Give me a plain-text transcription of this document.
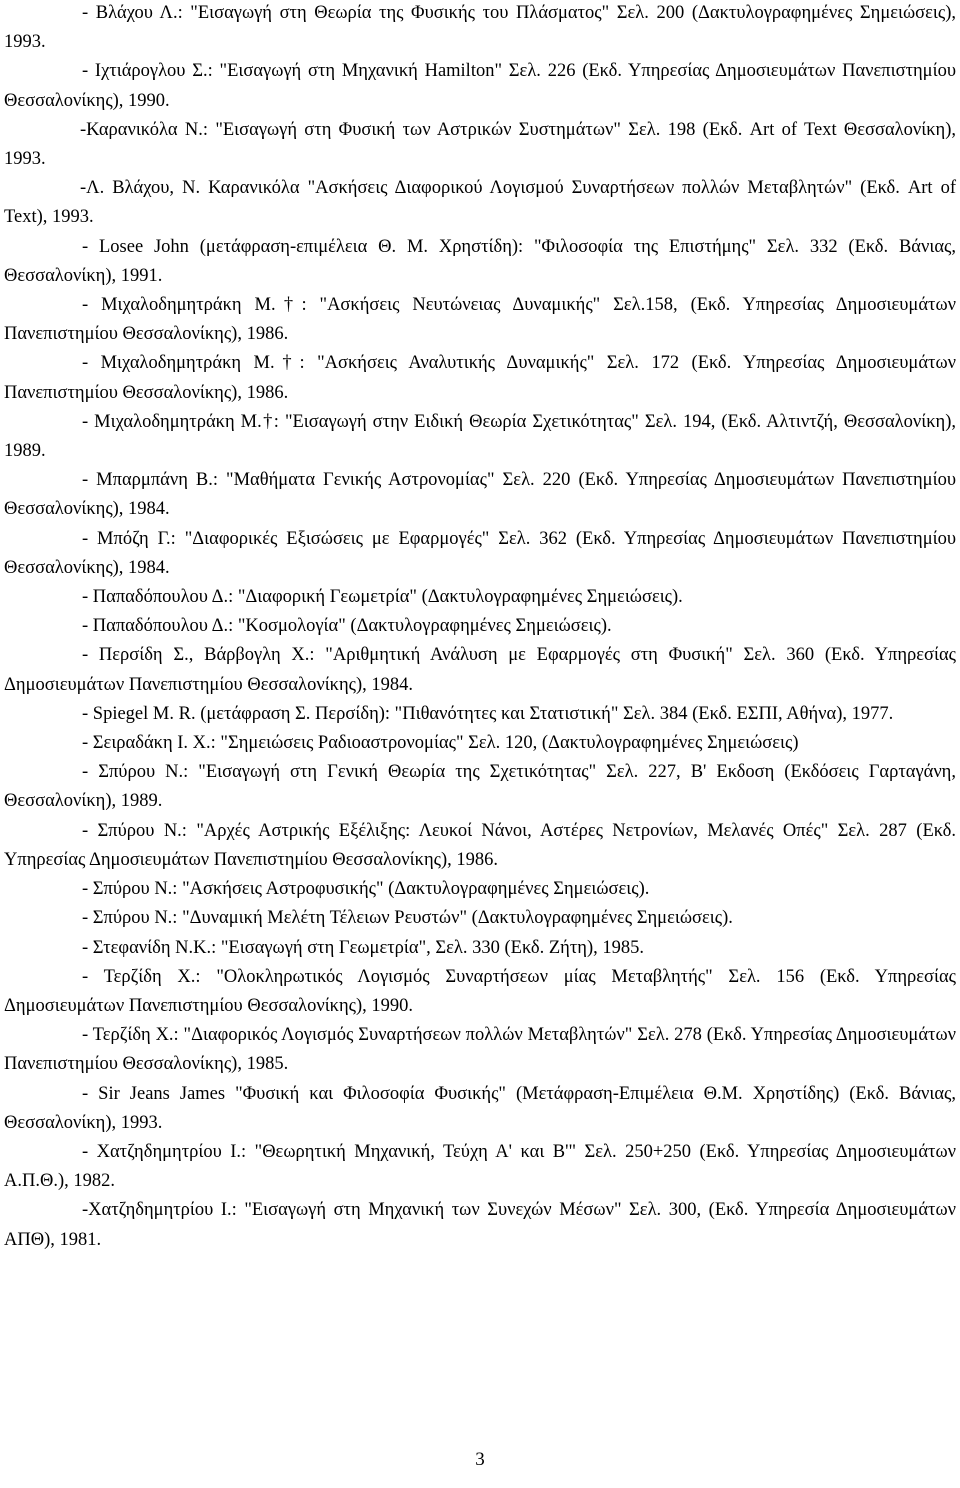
- Βλάχου Λ.: "Εισαγωγή στη Θεωρία της Φυσικής του Πλάσματος" Σελ. 200 (Δακτυλογραφημένες Σημειώσεις), 1993.

- Ιχτιάρογλου Σ.: "Εισαγωγή στη Μηχανική Hamilton" Σελ. 226 (Εκδ. Υπηρεσίας Δημοσιευμάτων Πανεπιστημίου Θεσσαλονίκης), 1990.

-Καρανικόλα Ν.: "Εισαγωγή στη Φυσική των Αστρικών Συστημάτων" Σελ. 198 (Εκδ. Art of Text Θεσσαλονίκη), 1993.

-Λ. Βλάχου, Ν. Καρανικόλα "Ασκήσεις Διαφορικού Λογισμού Συναρτήσεων πολλών Μεταβλητών" (Εκδ. Art of Text), 1993.

- Losee John (μετάφραση-επιμέλεια Θ. Μ. Χρηστίδη): "Φιλοσοφία της Επιστήμης" Σελ. 332 (Εκδ. Βάνιας, Θεσσαλονίκη), 1991.

- Μιχαλοδημητράκη Μ.†: "Ασκήσεις Νευτώνειας Δυναμικής" Σελ.158, (Εκδ. Υπηρεσίας Δημοσιευμάτων Πανεπιστημίου Θεσσαλονίκης), 1986.

- Μιχαλοδημητράκη Μ.†: "Ασκήσεις Αναλυτικής Δυναμικής" Σελ. 172 (Εκδ. Υπηρεσίας Δημοσιευμάτων Πανεπιστημίου Θεσσαλονίκης), 1986.

- Μιχαλοδημητράκη Μ.†: "Εισαγωγή στην Ειδική Θεωρία Σχετικότητας" Σελ. 194, (Εκδ. Αλτιντζή, Θεσσαλονίκη), 1989.

- Μπαρμπάνη Β.: "Μαθήματα Γενικής Αστρονομίας" Σελ. 220 (Εκδ. Υπηρεσίας Δημοσιευμάτων Πανεπιστημίου Θεσσαλονίκης), 1984.

- Μπόζη Γ.: "Διαφορικές Εξισώσεις με Εφαρμογές" Σελ. 362 (Εκδ. Υπηρεσίας Δημοσιευμάτων Πανεπιστημίου Θεσσαλονίκης), 1984.

- Παπαδόπουλου Δ.: "Διαφορική Γεωμετρία" (Δακτυλογραφημένες Σημειώσεις).

- Παπαδόπουλου Δ.: "Κοσμολογία" (Δακτυλογραφημένες Σημειώσεις).

- Περσίδη Σ., Βάρβογλη Χ.: "Αριθμητική Ανάλυση με Εφαρμογές στη Φυσική" Σελ. 360 (Εκδ. Υπηρεσίας Δημοσιευμάτων Πανεπιστημίου Θεσσαλονίκης), 1984.

- Spiegel M. R. (μετάφραση Σ. Περσίδη): "Πιθανότητες και Στατιστική" Σελ. 384 (Εκδ. ΕΣΠΙ, Αθήνα), 1977.

- Σειραδάκη Ι. Χ.: "Σημειώσεις Ραδιοαστρονομίας" Σελ. 120, (Δακτυλογραφημένες Σημειώσεις)

- Σπύρου Ν.: "Εισαγωγή στη Γενική Θεωρία της Σχετικότητας" Σελ. 227, Β' Εκδοση (Εκδόσεις Γαρταγάνη, Θεσσαλονίκη), 1989.

- Σπύρου Ν.: "Αρχές Αστρικής Εξέλιξης: Λευκοί Νάνοι, Αστέρες Νετρονίων, Μελανές Οπές" Σελ. 287 (Εκδ. Υπηρεσίας Δημοσιευμάτων Πανεπιστημίου Θεσσαλονίκης), 1986.

- Σπύρου Ν.: "Ασκήσεις Αστροφυσικής" (Δακτυλογραφημένες Σημειώσεις).

- Σπύρου Ν.: "Δυναμική Μελέτη Τέλειων Ρευστών" (Δακτυλογραφημένες Σημειώσεις).

- Στεφανίδη Ν.Κ.: "Εισαγωγή στη Γεωμετρία", Σελ. 330 (Εκδ. Ζήτη), 1985.

- Τερζίδη Χ.: "Ολοκληρωτικός Λογισμός Συναρτήσεων μίας Μεταβλητής" Σελ. 156 (Εκδ. Υπηρεσίας Δημοσιευμάτων Πανεπιστημίου Θεσσαλονίκης), 1990.

- Τερζίδη Χ.: "Διαφορικός Λογισμός Συναρτήσεων πολλών Μεταβλητών" Σελ. 278 (Εκδ. Υπηρεσίας Δημοσιευμάτων Πανεπιστημίου Θεσσαλονίκης), 1985.

- Sir Jeans James "Φυσική και Φιλοσοφία Φυσικής" (Μετάφραση-Επιμέλεια Θ.Μ. Χρηστίδης) (Εκδ. Βάνιας, Θεσσαλονίκη), 1993.

- Χατζηδημητρίου Ι.: "Θεωρητική Μηχανική, Τεύχη Α' και Β'" Σελ. 250+250 (Εκδ. Υπηρεσίας Δημοσιευμάτων Α.Π.Θ.), 1982.

-Χατζηδημητρίου Ι.: "Εισαγωγή στη Μηχανική των Συνεχών Μέσων" Σελ. 300, (Εκδ. Υπηρεσία Δημοσιευμάτων ΑΠΘ), 1981.

3
